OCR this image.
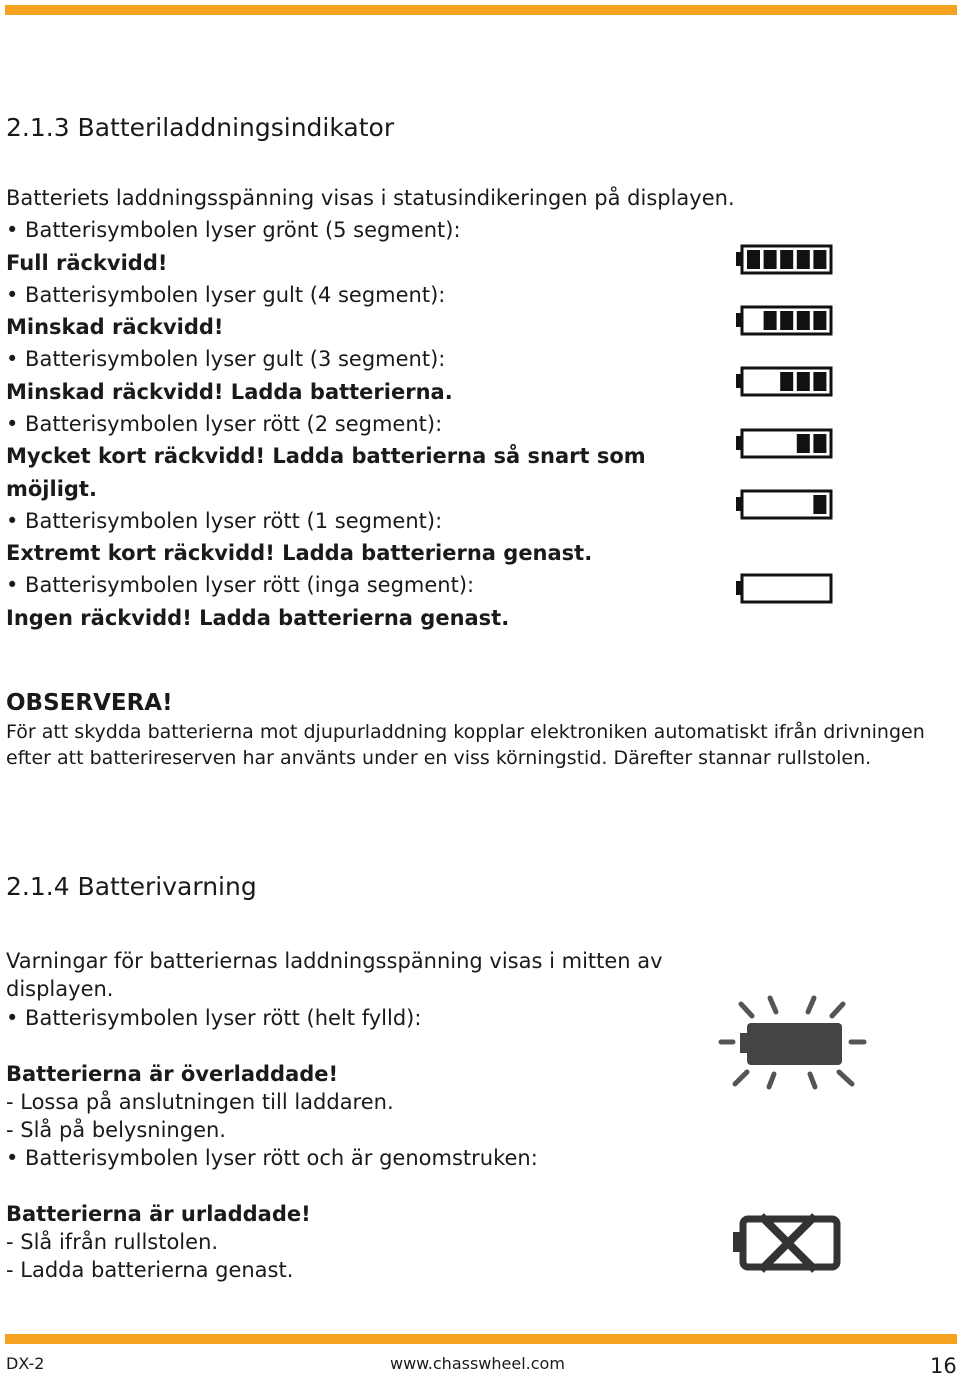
2.1.3 Batteriladdningsindikator
Batteriets laddningsspänning visas i statusindikeringen på displayen.
• Batterisymbolen lyser grönt (5 segment):
Full räckvidd!
• Batterisymbolen lyser gult (4 segment):
Minskad räckvidd!
• Batterisymbolen lyser gult (3 segment):
Minskad räckvidd! Ladda batterierna.
• Batterisymbolen lyser rött (2 segment):
Mycket kort räckvidd! Ladda batterierna så snart som
möjligt.
• Batterisymbolen lyser rött (1 segment):
Extremt kort räckvidd! Ladda batterierna genast.
• Batterisymbolen lyser rött (inga segment):
Ingen räckvidd! Ladda batterierna genast.
OBSERVERA!
För att skydda batterierna mot djupurladdning kopplar elektroniken automatiskt ifrån drivningen
efter att batterireserven har använts under en viss körningstid. Därefter stannar rullstolen.
2.1.4 Batterivarning
Varningar för batteriernas laddningsspänning visas i mitten av
displayen.
• Batterisymbolen lyser rött (helt fylld):
Batterierna är överladdade!
- Lossa på anslutningen till laddaren.
- Slå på belysningen.
• Batterisymbolen lyser rött och är genomstruken:
Batterierna är urladdade!
- Slå ifrån rullstolen.
- Ladda batterierna genast.
DX-2	www.chasswheel.com	16
